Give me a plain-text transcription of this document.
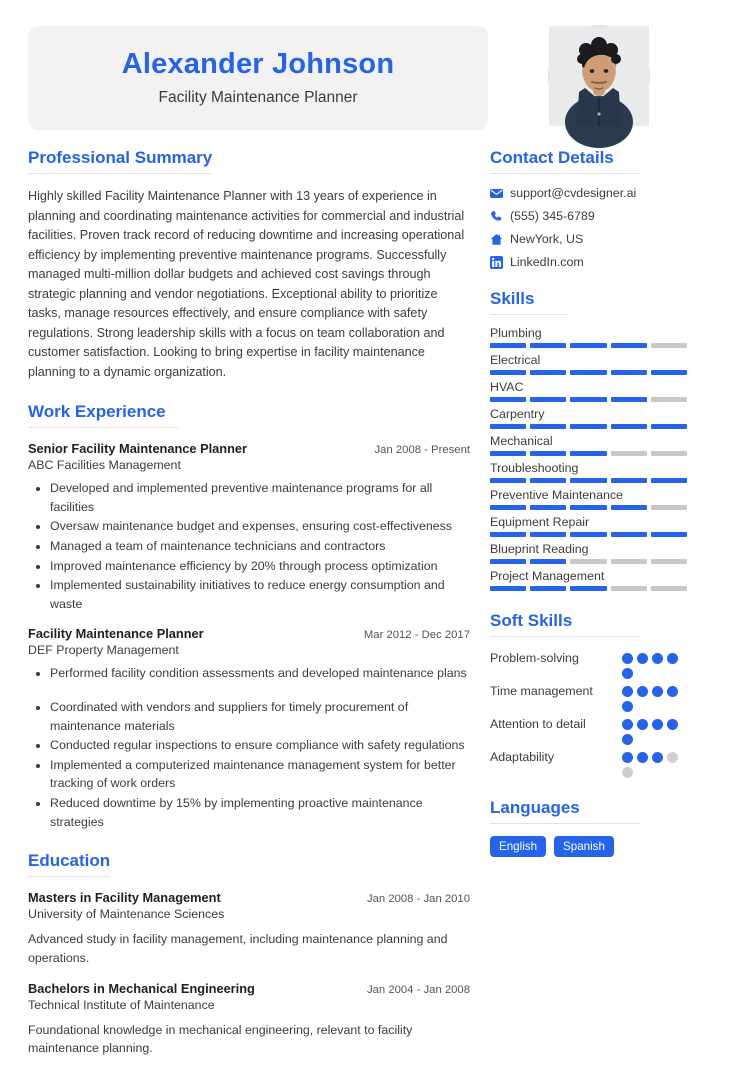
Alexander Johnson
Facility Maintenance Planner
Professional Summary
Highly skilled Facility Maintenance Planner with 13 years of experience in planning and coordinating maintenance activities for commercial and industrial facilities. Proven track record of reducing downtime and increasing operational efficiency by implementing preventive maintenance programs. Successfully managed multi-million dollar budgets and achieved cost savings through strategic planning and vendor negotiations. Exceptional ability to prioritize tasks, manage resources effectively, and ensure compliance with safety regulations. Strong leadership skills with a focus on team collaboration and customer satisfaction. Looking to bring expertise in facility maintenance planning to a dynamic organization.
Work Experience
Senior Facility Maintenance Planner	Jan 2008 - Present
ABC Facilities Management
• Developed and implemented preventive maintenance programs for all facilities
• Oversaw maintenance budget and expenses, ensuring cost-effectiveness
• Managed a team of maintenance technicians and contractors
• Improved maintenance efficiency by 20% through process optimization
• Implemented sustainability initiatives to reduce energy consumption and waste
Facility Maintenance Planner	Mar 2012 - Dec 2017
DEF Property Management
• Performed facility condition assessments and developed maintenance plans
• Coordinated with vendors and suppliers for timely procurement of maintenance materials
• Conducted regular inspections to ensure compliance with safety regulations
• Implemented a computerized maintenance management system for better tracking of work orders
• Reduced downtime by 15% by implementing proactive maintenance strategies
Education
Masters in Facility Management	Jan 2008 - Jan 2010
University of Maintenance Sciences
Advanced study in facility management, including maintenance planning and operations.
Bachelors in Mechanical Engineering	Jan 2004 - Jan 2008
Technical Institute of Maintenance
Foundational knowledge in mechanical engineering, relevant to facility maintenance planning.
Contact Details
support@cvdesigner.ai
(555) 345-6789
NewYork, US
LinkedIn.com
Skills
Plumbing
Electrical
HVAC
Carpentry
Mechanical
Troubleshooting
Preventive Maintenance
Equipment Repair
Blueprint Reading
Project Management
Soft Skills
Problem-solving
Time management
Attention to detail
Adaptability
Languages
English	Spanish
